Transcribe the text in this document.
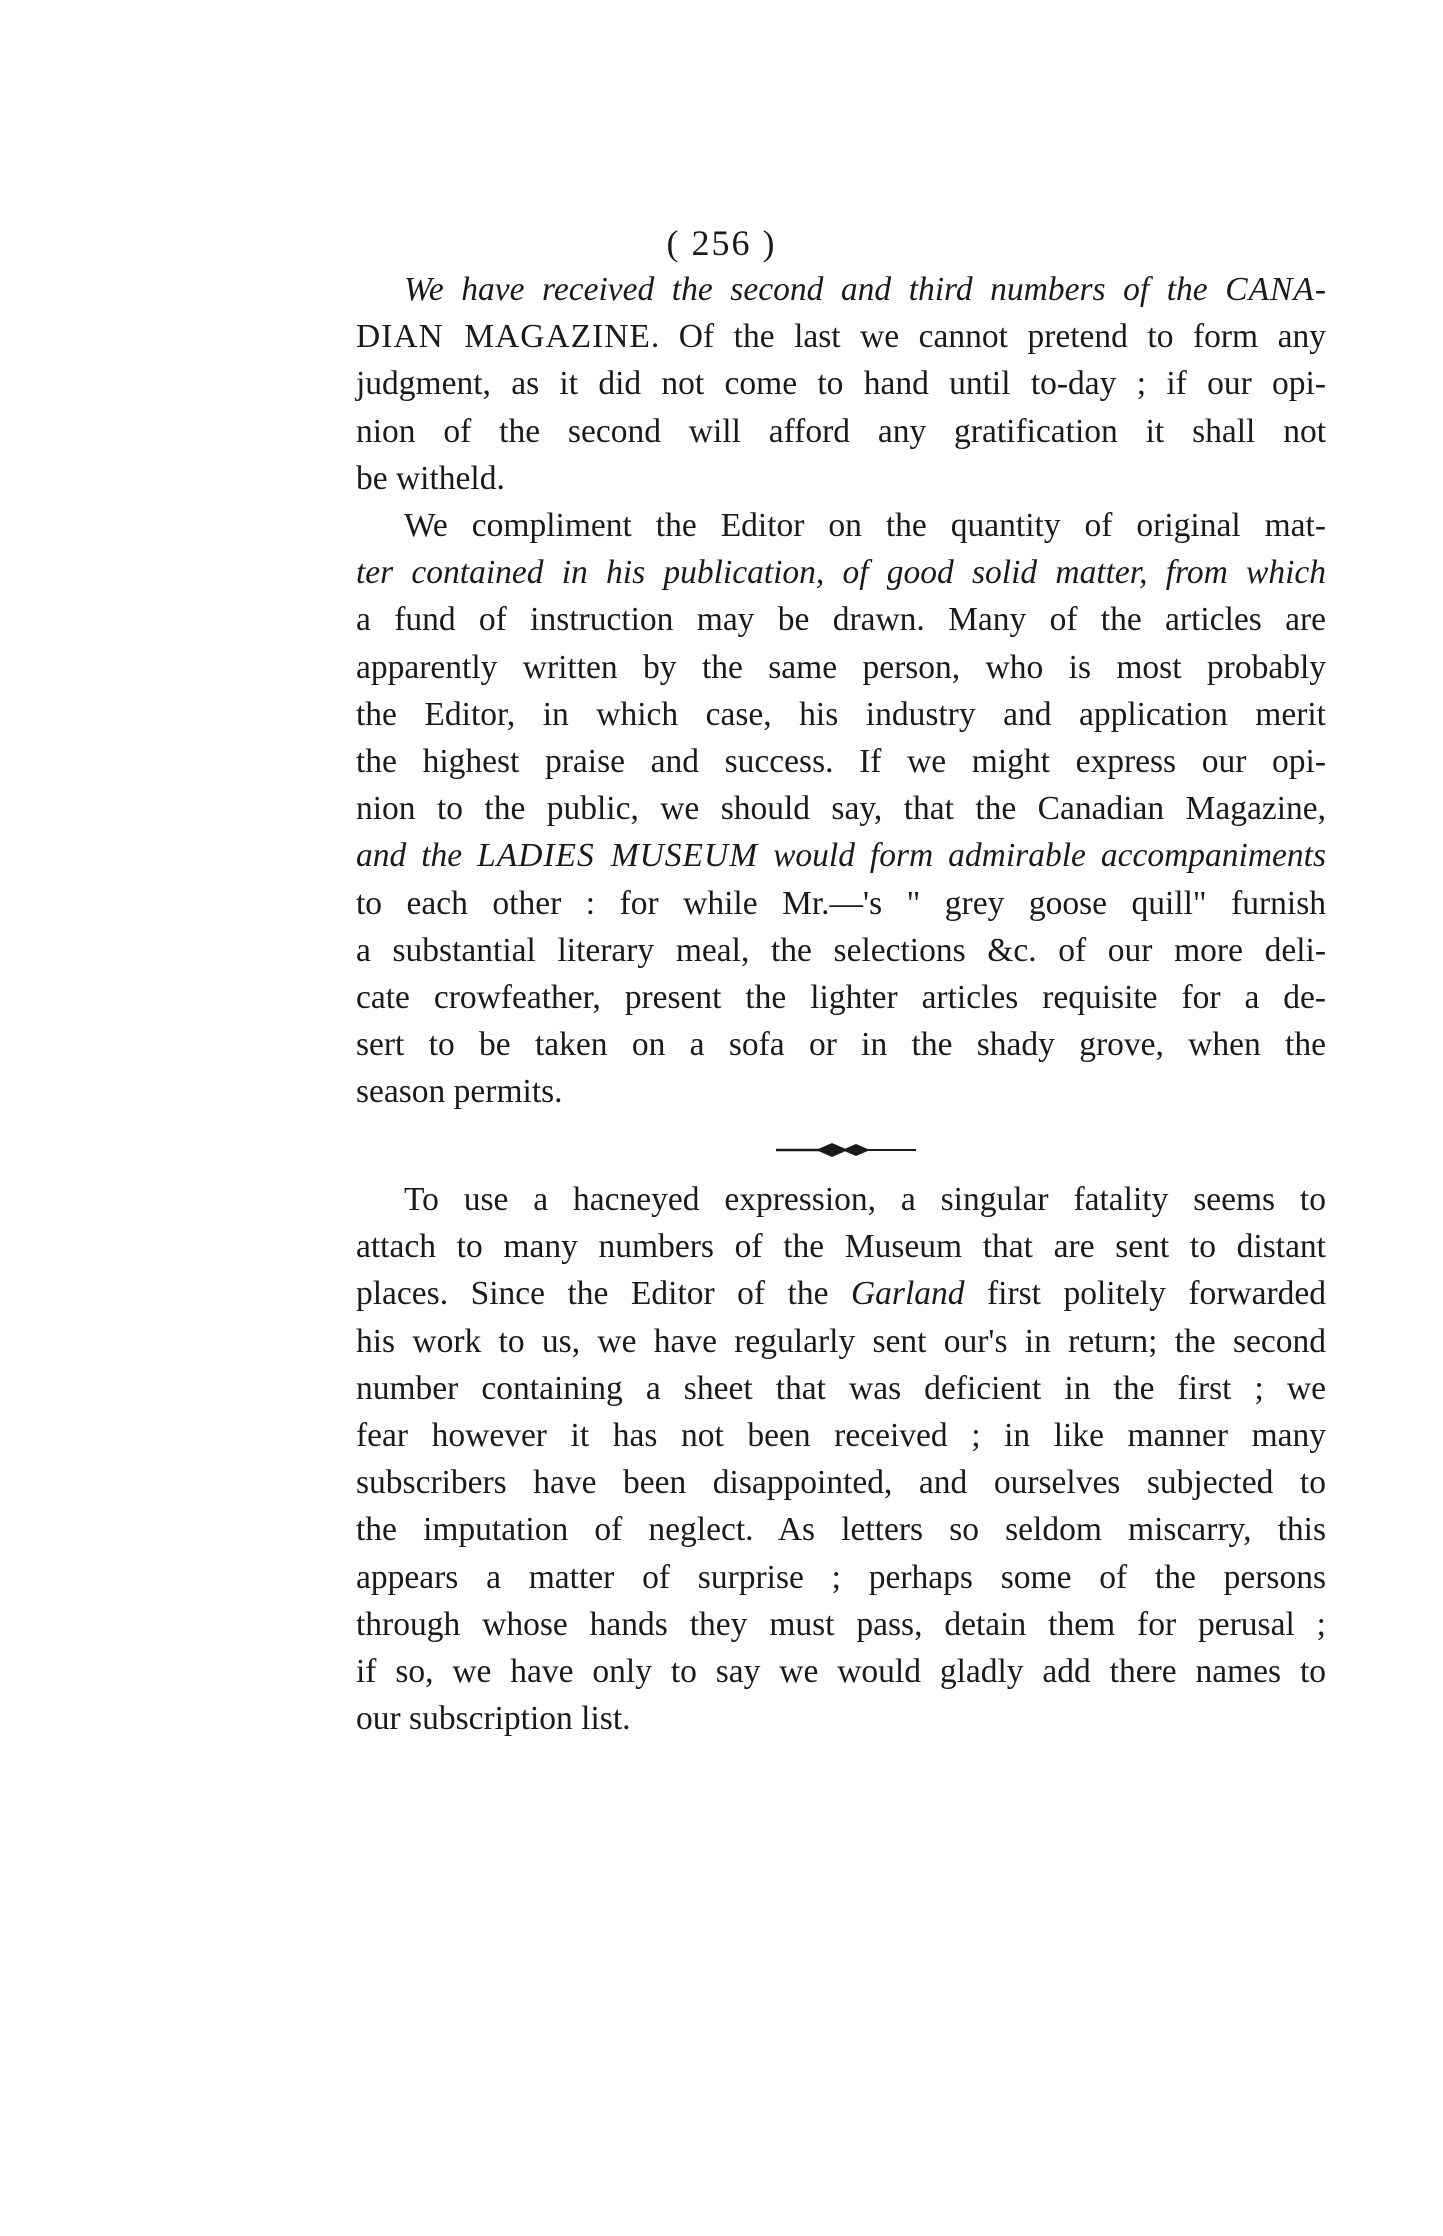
( 256 )
We have received the second and third numbers of the CANA-
DIAN MAGAZINE. Of the last we cannot pretend to form any
judgment, as it did not come to hand until to-day ; if our opi-
nion of the second will afford any gratification it shall not
be witheld.
We compliment the Editor on the quantity of original mat-
ter contained in his publication, of good solid matter, from which
a fund of instruction may be drawn. Many of the articles are
apparently written by the same person, who is most probably
the Editor, in which case, his industry and application merit
the highest praise and success. If we might express our opi-
nion to the public, we should say, that the Canadian Magazine,
and the LADIES MUSEUM would form admirable accompaniments
to each other : for while Mr.—'s " grey goose quill" furnish
a substantial literary meal, the selections &c. of our more deli-
cate crowfeather, present the lighter articles requisite for a de-
sert to be taken on a sofa or in the shady grove, when the
season permits.
To use a hacneyed expression, a singular fatality seems to
attach to many numbers of the Museum that are sent to distant
places. Since the Editor of the Garland first politely forwarded
his work to us, we have regularly sent our's in return; the second
number containing a sheet that was deficient in the first ; we
fear however it has not been received ; in like manner many
subscribers have been disappointed, and ourselves subjected to
the imputation of neglect. As letters so seldom miscarry, this
appears a matter of surprise ; perhaps some of the persons
through whose hands they must pass, detain them for perusal ;
if so, we have only to say we would gladly add there names to
our subscription list.
